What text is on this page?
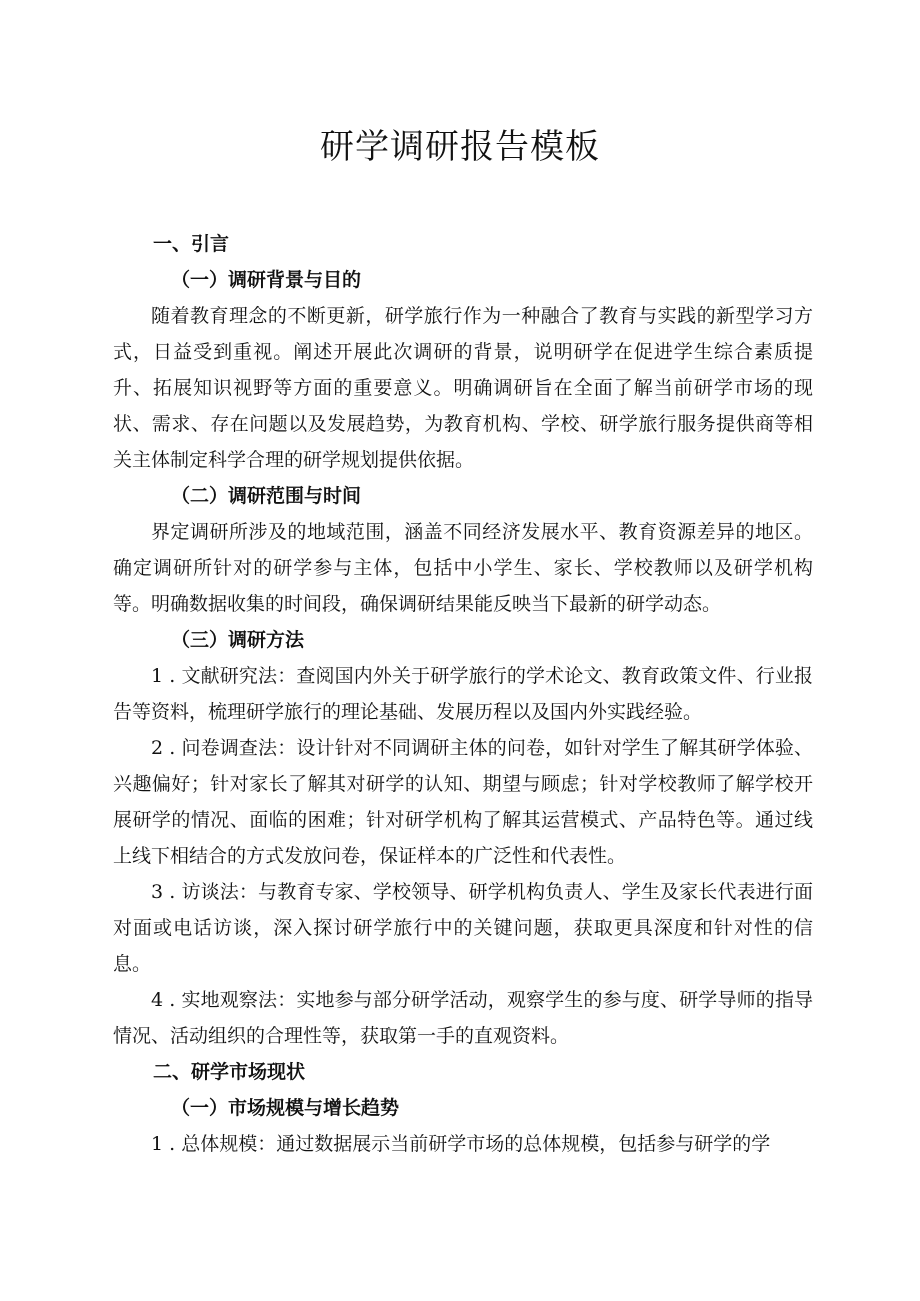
研学调研报告模板
一、引言
（一）调研背景与目的

随着教育理念的不断更新，研学旅行作为一种融合了教育与实践的新型学习方式，日益受到重视。阐述开展此次调研的背景，说明研学在促进学生综合素质提升、拓展知识视野等方面的重要意义。明确调研旨在全面了解当前研学市场的现状、需求、存在问题以及发展趋势，为教育机构、学校、研学旅行服务提供商等相关主体制定科学合理的研学规划提供依据。

（二）调研范围与时间

界定调研所涉及的地域范围，涵盖不同经济发展水平、教育资源差异的地区。确定调研所针对的研学参与主体，包括中小学生、家长、学校教师以及研学机构等。明确数据收集的时间段，确保调研结果能反映当下最新的研学动态。

（三）调研方法

1 . 文献研究法：查阅国内外关于研学旅行的学术论文、教育政策文件、行业报告等资料，梳理研学旅行的理论基础、发展历程以及国内外实践经验。

2 . 问卷调查法：设计针对不同调研主体的问卷，如针对学生了解其研学体验、兴趣偏好；针对家长了解其对研学的认知、期望与顾虑；针对学校教师了解学校开展研学的情况、面临的困难；针对研学机构了解其运营模式、产品特色等。通过线上线下相结合的方式发放问卷，保证样本的广泛性和代表性。

3 . 访谈法：与教育专家、学校领导、研学机构负责人、学生及家长代表进行面对面或电话访谈，深入探讨研学旅行中的关键问题，获取更具深度和针对性的信息。

4 . 实地观察法：实地参与部分研学活动，观察学生的参与度、研学导师的指导情况、活动组织的合理性等，获取第一手的直观资料。

二、研学市场现状
（一）市场规模与增长趋势

1 . 总体规模：通过数据展示当前研学市场的总体规模，包括参与研学的学
